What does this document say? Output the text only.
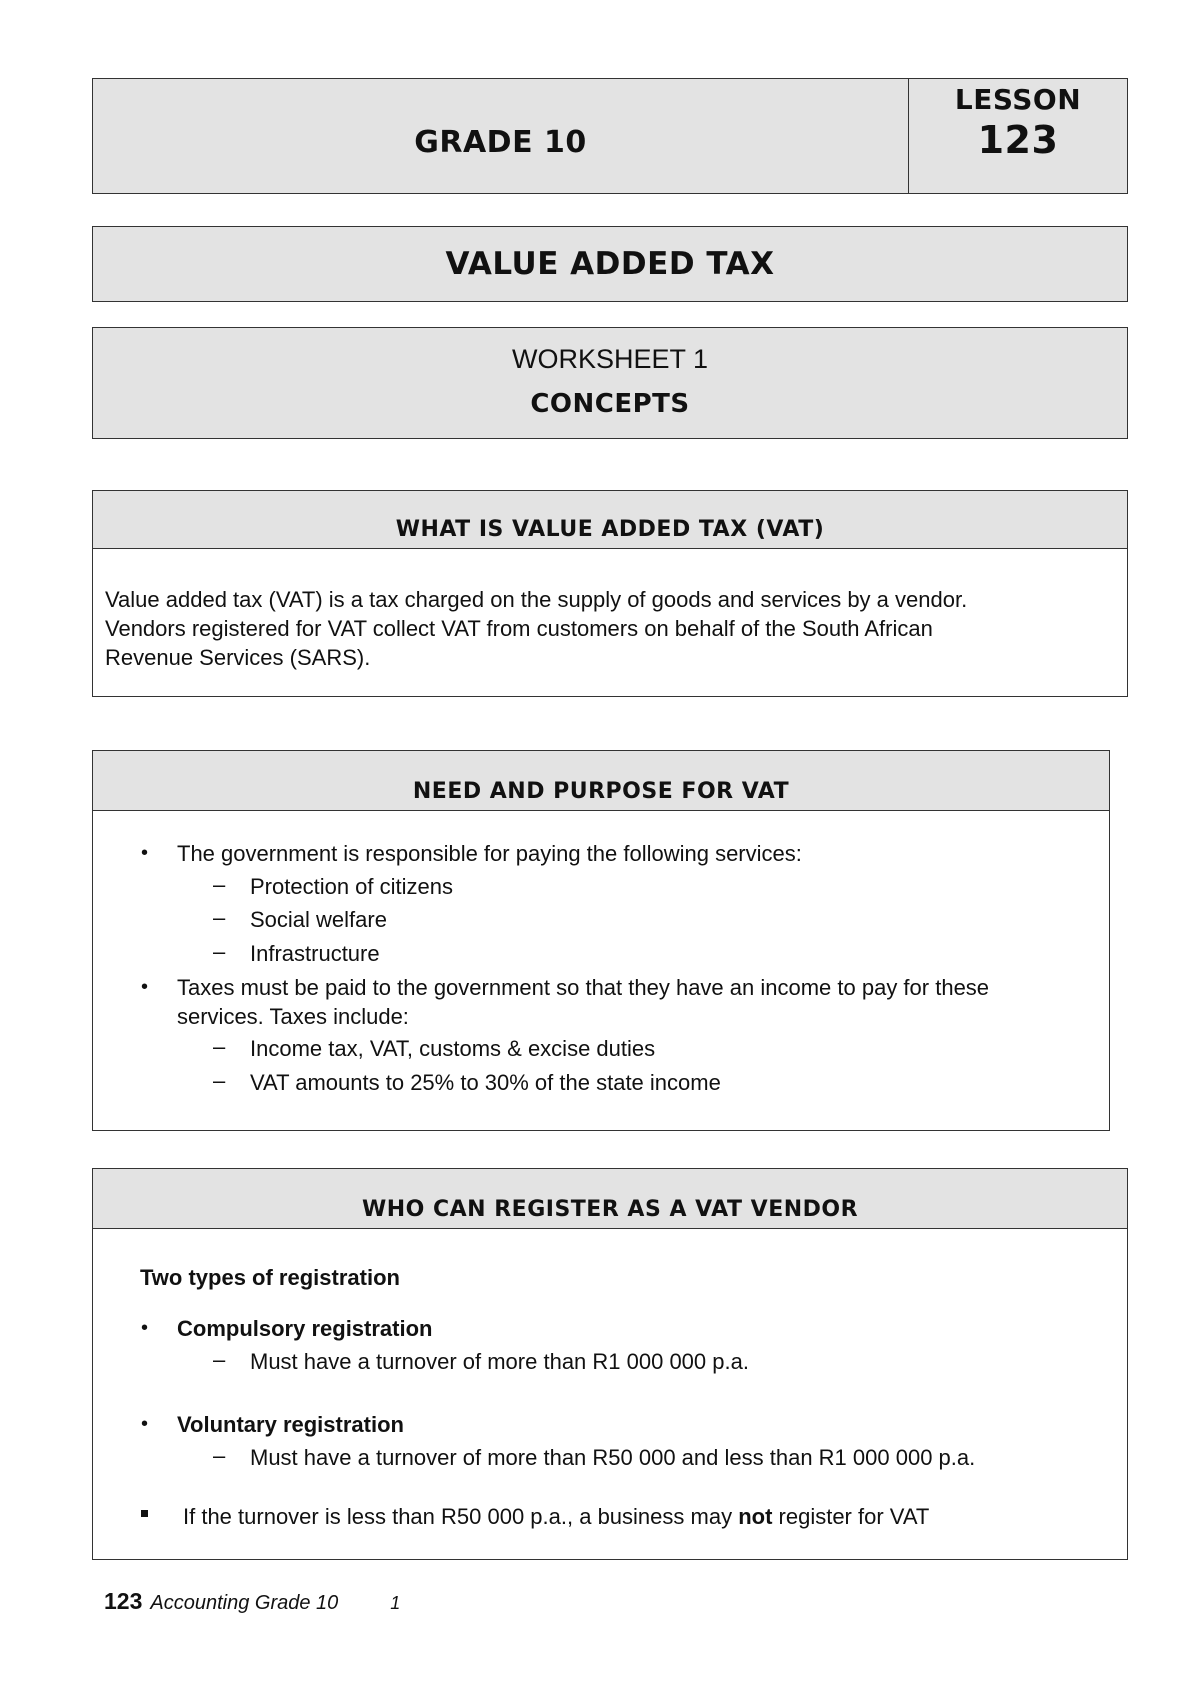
GRADE 10
LESSON
123
VALUE ADDED TAX
WORKSHEET 1
CONCEPTS
WHAT IS VALUE ADDED TAX (VAT)
Value added tax (VAT) is a tax charged on the supply of goods and services by a vendor.
Vendors registered for VAT collect VAT from customers on behalf of the South African
Revenue Services (SARS).
NEED AND PURPOSE FOR VAT
• The government is responsible for paying the following services:
– Protection of citizens
– Social welfare
– Infrastructure
• Taxes must be paid to the government so that they have an income to pay for these
services. Taxes include:
– Income tax, VAT, customs & excise duties
– VAT amounts to 25% to 30% of the state income
WHO CAN REGISTER AS A VAT VENDOR
Two types of registration
• Compulsory registration
– Must have a turnover of more than R1 000 000 p.a.
• Voluntary registration
– Must have a turnover of more than R50 000 and less than R1 000 000 p.a.
If the turnover is less than R50 000 p.a., a business may not register for VAT
123 Accounting Grade 10	1
